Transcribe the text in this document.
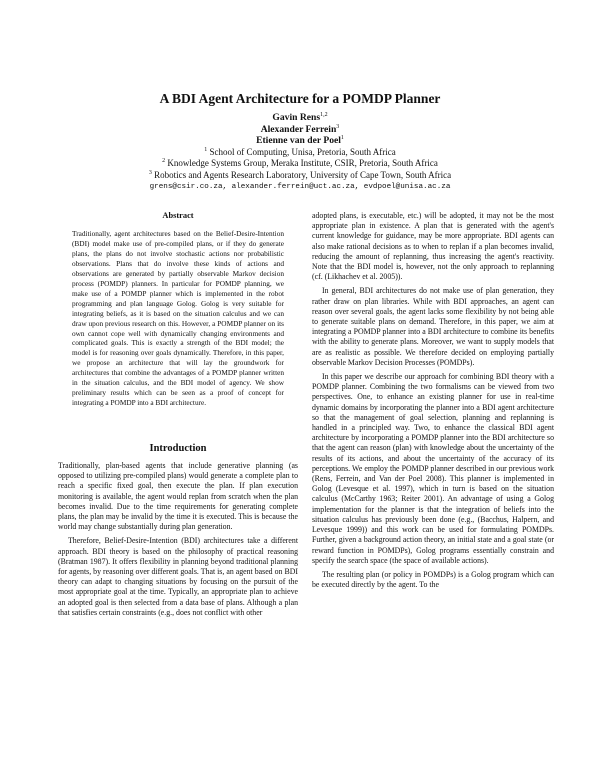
A BDI Agent Architecture for a POMDP Planner
Gavin Rens$^{1,2}$
Alexander Ferrein$^3$
Etienne van der Poel$^1$
$^1$ School of Computing, Unisa, Pretoria, South Africa
$^2$ Knowledge Systems Group, Meraka Institute, CSIR, Pretoria, South Africa
$^3$ Robotics and Agents Research Laboratory, University of Cape Town, South Africa
grens@csir.co.za, alexander.ferrein@uct.ac.za, evdpoel@unisa.ac.za
Abstract

Traditionally, agent architectures based on the Belief-Desire-Intention (BDI) model make use of pre-compiled plans, or if they do generate plans, the plans do not involve stochastic actions nor probabilistic observations. Plans that do involve these kinds of actions and observations are generated by partially observable Markov decision process (POMDP) planners. In particular for POMDP planning, we make use of a POMDP planner which is implemented in the robot programming and plan language Golog. Golog is very suitable for integrating beliefs, as it is based on the situation calculus and we can draw upon previous research on this. However, a POMDP planner on its own cannot cope well with dynamically changing environments and complicated goals. This is exactly a strength of the BDI model; the model is for reasoning over goals dynamically. Therefore, in this paper, we propose an architecture that will lay the groundwork for architectures that combine the advantages of a POMDP planner written in the situation calculus, and the BDI model of agency. We show preliminary results which can be seen as a proof of concept for integrating a POMDP into a BDI architecture.

Introduction

Traditionally, plan-based agents that include generative planning (as opposed to utilizing pre-compiled plans) would generate a complete plan to reach a specific fixed goal, then execute the plan. If plan execution monitoring is available, the agent would replan from scratch when the plan becomes invalid. Due to the time requirements for generating complete plans, the plan may be invalid by the time it is executed. This is because the world may change substantially during plan generation.

Therefore, Belief-Desire-Intention (BDI) architectures take a different approach. BDI theory is based on the philosophy of practical reasoning (Bratman 1987). It offers flexibility in planning beyond traditional planning for agents, by reasoning over different goals. That is, an agent based on BDI theory can adapt to changing situations by focusing on the pursuit of the most appropriate goal at the time. Typically, an appropriate plan to achieve an adopted goal is then selected from a data base of plans. Although a plan that satisfies certain constraints (e.g., does not conflict with other

adopted plans, is executable, etc.) will be adopted, it may not be the most appropriate plan in existence. A plan that is generated with the agent's current knowledge for guidance, may be more appropriate. BDI agents can also make rational decisions as to when to replan if a plan becomes invalid, reducing the amount of replanning, thus increasing the agent's reactivity. Note that the BDI model is, however, not the only approach to replanning (cf. (Likhachev et al. 2005)).

In general, BDI architectures do not make use of plan generation, they rather draw on plan libraries. While with BDI approaches, an agent can reason over several goals, the agent lacks some flexibility by not being able to generate suitable plans on demand. Therefore, in this paper, we aim at integrating a POMDP planner into a BDI architecture to combine its benefits with the ability to generate plans. Moreover, we want to supply models that are as realistic as possible. We therefore decided on employing partially observable Markov Decision Processes (POMDPs).

In this paper we describe our approach for combining BDI theory with a POMDP planner. Combining the two formalisms can be viewed from two perspectives. One, to enhance an existing planner for use in real-time dynamic domains by incorporating the planner into a BDI agent architecture so that the management of goal selection, planning and replanning is handled in a principled way. Two, to enhance the classical BDI agent architecture by incorporating a POMDP planner into the BDI architecture so that the agent can reason (plan) with knowledge about the uncertainty of the results of its actions, and about the uncertainty of the accuracy of its perceptions. We employ the POMDP planner described in our previous work (Rens, Ferrein, and Van der Poel 2008). This planner is implemented in Golog (Levesque et al. 1997), which in turn is based on the situation calculus (McCarthy 1963; Reiter 2001). An advantage of using a Golog implementation for the planner is that the integration of beliefs into the situation calculus has previously been done (e.g., (Bacchus, Halpern, and Levesque 1999)) and this work can be used for formulating POMDPs. Further, given a background action theory, an initial state and a goal state (or reward function in POMDPs), Golog programs essentially constrain and specify the search space (the space of available actions).

The resulting plan (or policy in POMDPs) is a Golog program which can be executed directly by the agent. To the
